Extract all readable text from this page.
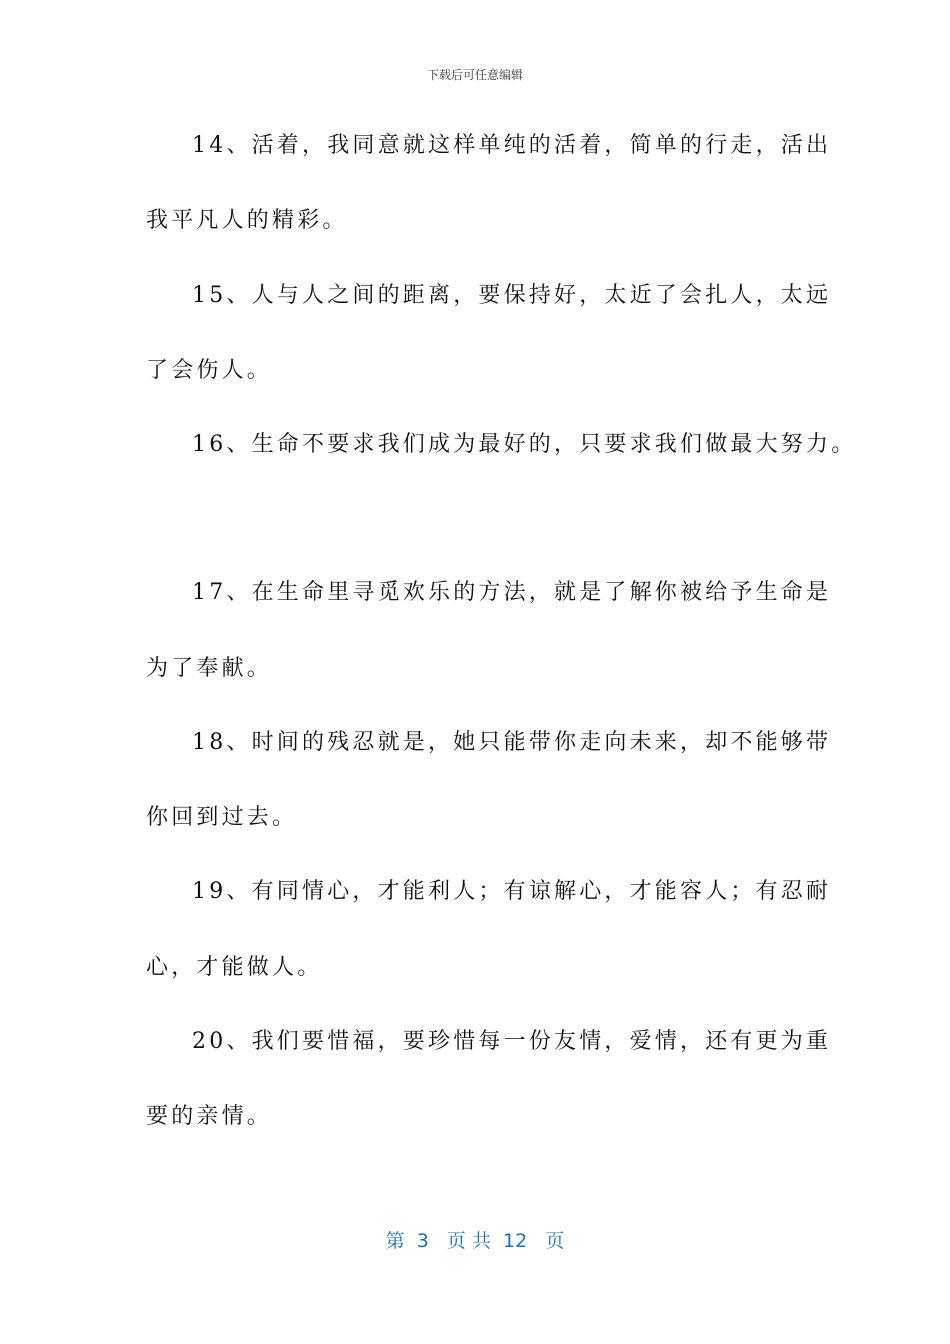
下载后可任意编辑
14、活着，我同意就这样单纯的活着，简单的行走，活出
我平凡人的精彩。
15、人与人之间的距离，要保持好，太近了会扎人，太远
了会伤人。
16、生命不要求我们成为最好的，只要求我们做最大努力。
17、在生命里寻觅欢乐的方法，就是了解你被给予生命是
为了奉献。
18、时间的残忍就是，她只能带你走向未来，却不能够带
你回到过去。
19、有同情心，才能利人；有谅解心，才能容人；有忍耐
心，才能做人。
20、我们要惜福，要珍惜每一份友情，爱情，还有更为重
要的亲情。
第  3   页 共  12   页
